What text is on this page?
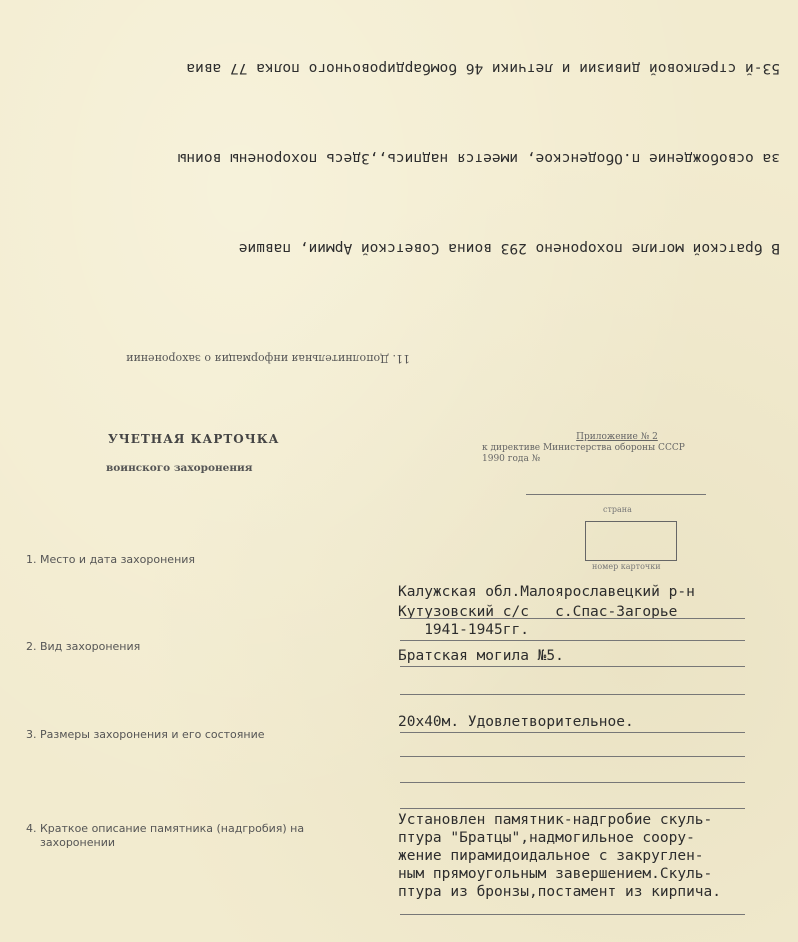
11. Дополнительная информация о захоронении

В братской могиле похоронено 293 воина Советской Армии, павшие

за освобождение п.Ободенское, имеется надпись,,Здесь похоронены воины

53-й стрелковой дивизии и летчики 46 бомбардировочного полка 77 авиа

УЧЕТНАЯ КАРТОЧКА
воинского захоронения
Приложение № 2
к директиве Министерства обороны СССР
1990 года №
страна
номер карточки
1. Место и дата захоронения
Калужская обл.Малоярославецкий р-н
Кутузовский с/с   с.Спас-Загорье
1941-1945гг.
2. Вид захоронения
Братская могила №5.
3. Размеры захоронения и его состояние
20х40м. Удовлетворительное.
4. Краткое описание памятника (надгробия) на
захоронении
Установлен памятник-надгробие скуль-
птура "Братцы",надмогильное соору-
жение пирамидоидальное с закруглен-
ным прямоугольным завершением.Скуль-
птура из бронзы,постамент из кирпича.
